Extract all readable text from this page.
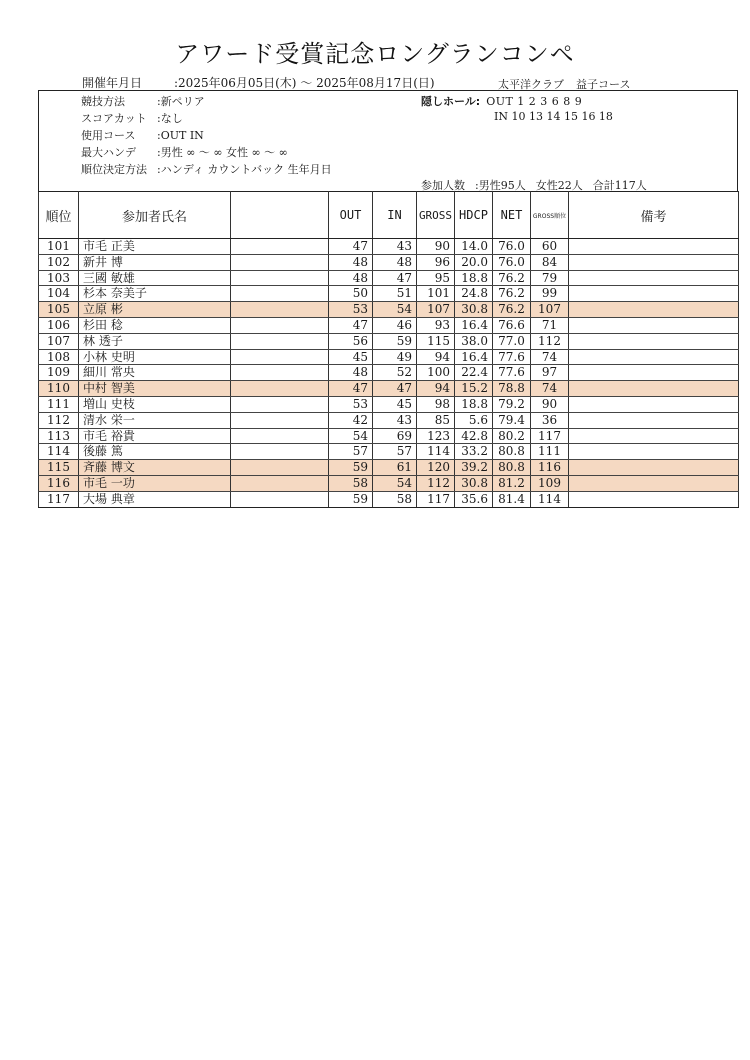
アワード受賞記念ロングランコンペ
開催年月日	:2025年06月05日(木) ～ 2025年08月17日(日)	太平洋クラブ 益子コース
競技方法	:新ペリア
スコアカット :なし
使用コース :OUT IN
最大ハンデ :男性 ∞ ～ ∞ 女性 ∞ ～ ∞
順位決定方法 :ハンディ カウントバック 生年月日
隠しホール: OUT 1 2 3 6 8 9
IN 10 13 14 15 16 18
参加人数 :男性95人 女性22人 合計117人
順位	参加者氏名		OUT	IN	GROSS	HDCP	NET	GROSS順位	備考
101	市毛 正美		47	43	90	14.0	76.0	60	
102	新井 博		48	48	96	20.0	76.0	84	
103	三國 敏雄		48	47	95	18.8	76.2	79	
104	杉本 奈美子		50	51	101	24.8	76.2	99	
105	立原 彬		53	54	107	30.8	76.2	107	
106	杉田 稔		47	46	93	16.4	76.6	71	
107	林 透子		56	59	115	38.0	77.0	112	
108	小林 史明		45	49	94	16.4	77.6	74	
109	細川 常央		48	52	100	22.4	77.6	97	
110	中村 智美		47	47	94	15.2	78.8	74	
111	増山 史枝		53	45	98	18.8	79.2	90	
112	清水 栄一		42	43	85	5.6	79.4	36	
113	市毛 裕貴		54	69	123	42.8	80.2	117	
114	後藤 篤		57	57	114	33.2	80.8	111	
115	斉藤 博文		59	61	120	39.2	80.8	116	
116	市毛 一功		58	54	112	30.8	81.2	109	
117	大場 典章		59	58	117	35.6	81.4	114	
